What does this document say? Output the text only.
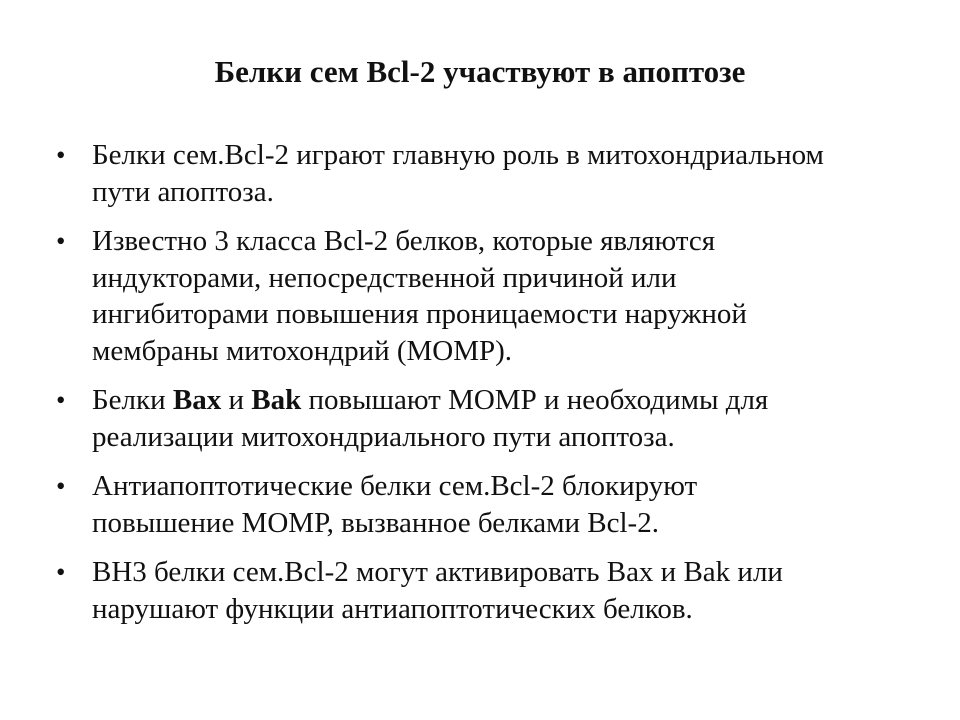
Белки сем Bcl-2 участвуют в апоптозе
• Белки сем.Bcl-2 играют главную роль в митохондриальном
пути апоптоза.
• Известно 3 класса Bcl-2 белков, которые являются
индукторами, непосредственной причиной или
ингибиторами повышения проницаемости наружной
мембраны митохондрий (МОМР).
• Белки Bax и Bak повышают МОМР и необходимы для
реализации митохондриального пути апоптоза.
• Антиапоптотические белки сем.Bcl-2 блокируют
повышение МОМР, вызванное белками Bcl-2.
• BH3 белки сем.Bcl-2 могут активировать Bax и Bak или
нарушают функции антиапоптотических белков.
